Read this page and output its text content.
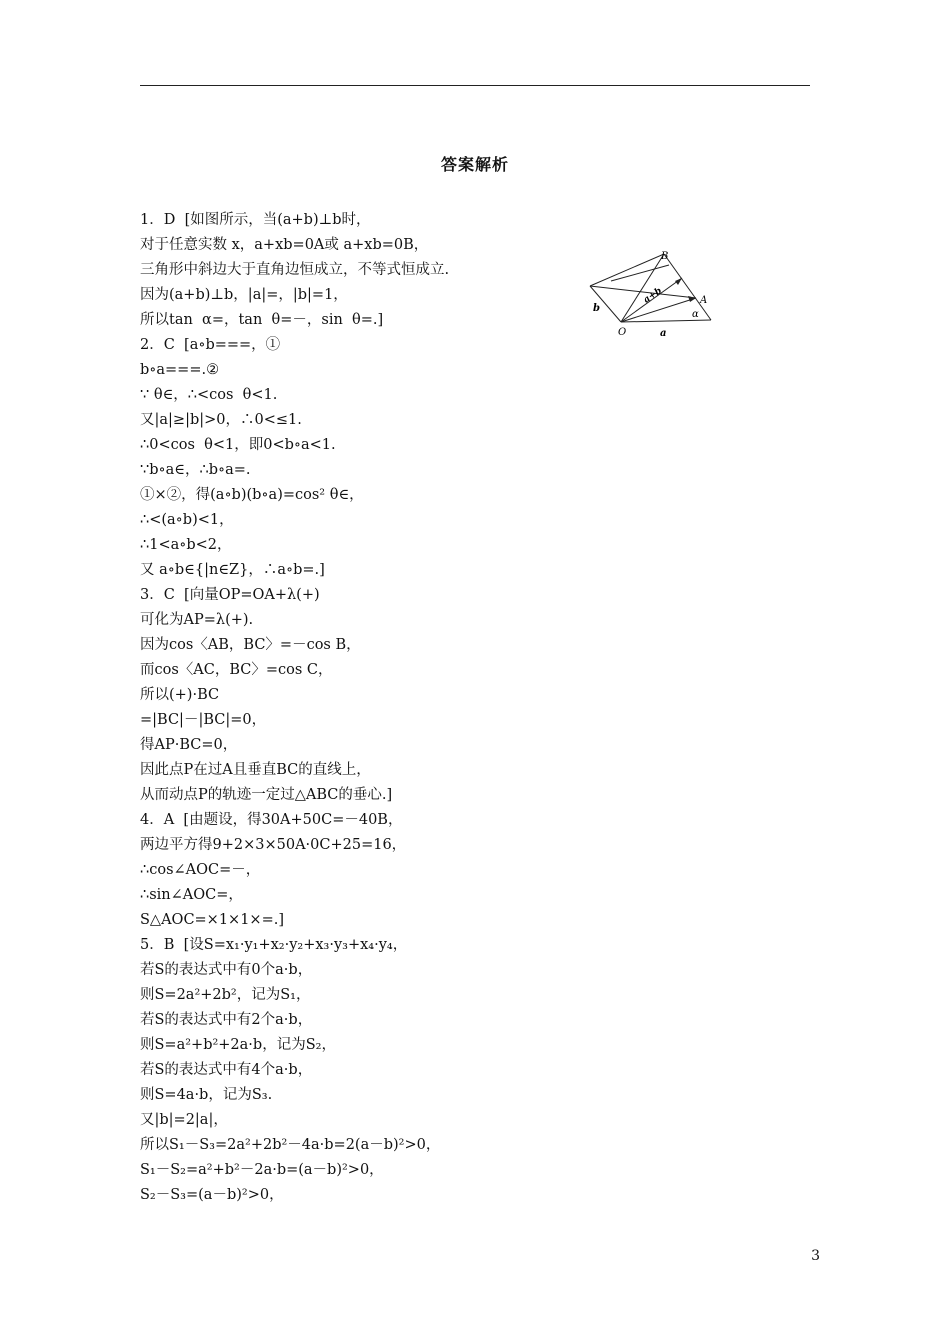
答案解析
1．D  [如图所示，当(a+b)⊥b时，
对于任意实数 x，a+xb=0A或 a+xb=0B，
三角形中斜边大于直角边恒成立，不等式恒成立.
因为(a+b)⊥b，|a|=，|b|=1，
所以tan  α=，tan  θ=－，sin  θ=.]
2．C  [a∘b===，①
b∘a===.②
∵ θ∈，∴<cos  θ<1.
又|a|≥|b|>0，∴0<≤1.
∴0<cos  θ<1，即0<b∘a<1.
∵b∘a∈，∴b∘a=.
①×②，得(a∘b)(b∘a)=cos² θ∈，
∴<(a∘b)<1，
∴1<a∘b<2，
又 a∘b∈{|n∈Z}，∴a∘b=.]
3．C  [向量OP=OA+λ(+)
可化为AP=λ(+).
因为cos〈AB，BC〉=－cos B，
而cos〈AC，BC〉=cos C，
所以(+)·BC
=|BC|－|BC|=0，
得AP·BC=0，
因此点P在过A且垂直BC的直线上，
从而动点P的轨迹一定过△ABC的垂心.]
4．A  [由题设，得30A+50C=－40B，
两边平方得9+2×3×50A·0C+25=16，
∴cos∠AOC=－，
∴sin∠AOC=，
S△AOC=×1×1×=.]
5．B  [设S=x₁·y₁+x₂·y₂+x₃·y₃+x₄·y₄，
若S的表达式中有0个a·b，
则S=2a²+2b²，记为S₁，
若S的表达式中有2个a·b，
则S=a²+b²+2a·b，记为S₂，
若S的表达式中有4个a·b，
则S=4a·b，记为S₃.
又|b|=2|a|，
所以S₁－S₃=2a²+2b²－4a·b=2(a－b)²>0，
S₁－S₂=a²+b²－2a·b=(a－b)²>0，
S₂－S₃=(a－b)²>0，
B
A
O	a
b
a+b
α
3
